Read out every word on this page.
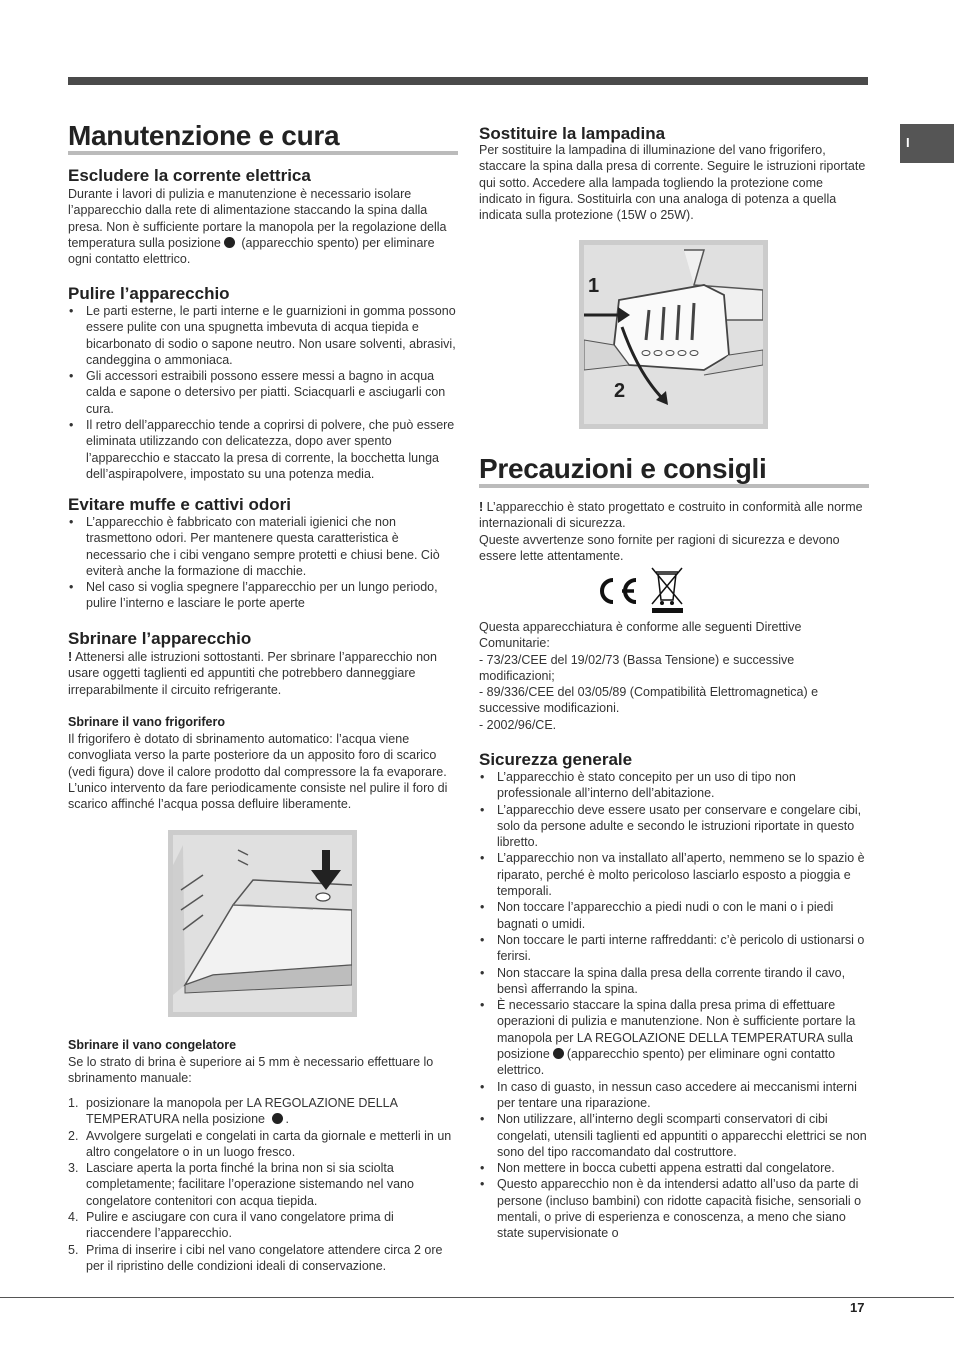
I
Manutenzione e cura
Escludere la corrente elettrica

Durante i lavori di pulizia e manutenzione è necessario isolare l’apparecchio dalla rete di alimentazione staccando la spina dalla presa. Non è sufficiente portare la manopola per la regolazione della temperatura sulla posizione (apparecchio spento) per eliminare ogni contatto elettrico.

Pulire l’apparecchio
• Le parti esterne, le parti interne e le guarnizioni in gomma possono essere pulite con una spugnetta imbevuta di acqua tiepida e bicarbonato di sodio o sapone neutro. Non usare solventi, abrasivi, candeggina o ammoniaca.
• Gli accessori estraibili possono essere messi a bagno in acqua calda e sapone o detersivo per piatti. Sciacquarli e asciugarli con cura.
• Il retro dell’apparecchio tende a coprirsi di polvere, che può essere eliminata utilizzando con delicatezza, dopo aver spento l’apparecchio e staccato la presa di corrente, la bocchetta lunga dell’aspirapolvere, impostato su una potenza media.
Evitare muffe e cattivi odori
• L’apparecchio è fabbricato con materiali igienici che non trasmettono odori. Per mantenere questa caratteristica è necessario che i cibi vengano sempre protetti e chiusi bene. Ciò eviterà anche la formazione di macchie.
• Nel caso si voglia spegnere l’apparecchio per un lungo periodo, pulire l’interno e lasciare le porte aperte
Sbrinare l’apparecchio

! Attenersi alle istruzioni sottostanti. Per sbrinare l’apparecchio non usare oggetti taglienti ed appuntiti che potrebbero danneggiare irreparabilmente il circuito refrigerante.

Sbrinare il vano frigorifero

Il frigorifero è dotato di sbrinamento automatico: l’acqua viene convogliata verso la parte posteriore da un apposito foro di scarico (vedi figura) dove il calore prodotto dal compressore la fa evaporare. L’unico intervento da fare periodicamente consiste nel pulire il foro di scarico affinché l’acqua possa defluire liberamente.

Sbrinare il vano congelatore

Se lo strato di brina è superiore ai 5 mm è necessario effettuare lo sbrinamento manuale:

1. posizionare la manopola per LA REGOLAZIONE DELLA TEMPERATURA nella posizione .
2. Avvolgere surgelati e congelati in carta da giornale e metterli in un altro congelatore o in un luogo fresco.
3. Lasciare aperta la porta finché la brina non si sia sciolta completamente; facilitare l’operazione sistemando nel vano congelatore contenitori con acqua tiepida.
4. Pulire e asciugare con cura il vano congelatore prima di riaccendere l’apparecchio.
5. Prima di inserire i cibi nel vano congelatore attendere circa 2 ore per il ripristino delle condizioni ideali di conservazione.
Sostituire la lampadina

Per sostituire la lampadina di illuminazione del vano frigorifero, staccare la spina dalla presa di corrente. Seguire le istruzioni riportate qui sotto. Accedere alla lampada togliendo la protezione come indicato in figura. Sostituirla con una analoga di potenza a quella indicata sulla protezione (15W o 25W).

1
2
Precauzioni e consigli

! L’apparecchio è stato progettato e costruito in conformità alle norme internazionali di sicurezza.

Queste avvertenze sono fornite per ragioni di sicurezza e devono essere lette attentamente.

Questa apparecchiatura è conforme alle seguenti Direttive Comunitarie:

- 73/23/CEE del 19/02/73 (Bassa Tensione) e successive modificazioni;

- 89/336/CEE del 03/05/89 (Compatibilità Elettromagnetica) e successive modificazioni.

- 2002/96/CE.

Sicurezza generale
• L’apparecchio è stato concepito per un uso di tipo non professionale all’interno dell’abitazione.
• L’apparecchio deve essere usato per conservare e congelare cibi, solo da persone adulte e secondo le istruzioni riportate in questo libretto.
• L’apparecchio non va installato all’aperto, nemmeno se lo spazio è riparato, perché è molto pericoloso lasciarlo esposto a pioggia e temporali.
• Non toccare l’apparecchio a piedi nudi o con le mani o i piedi bagnati o umidi.
• Non toccare le parti interne raffreddanti: c’è pericolo di ustionarsi o ferirsi.
• Non staccare la spina dalla presa della corrente tirando il cavo, bensì afferrando la spina.
• È necessario staccare la spina dalla presa prima di effettuare operazioni di pulizia e manutenzione. Non è sufficiente portare la manopola per LA REGOLAZIONE DELLA TEMPERATURA sulla posizione (apparecchio spento) per eliminare ogni contatto elettrico.
• In caso di guasto, in nessun caso accedere ai meccanismi interni per tentare una riparazione.
• Non utilizzare, all’interno degli scomparti conservatori di cibi congelati, utensili taglienti ed appuntiti o apparecchi elettrici se non sono del tipo raccomandato dal costruttore.
• Non mettere in bocca cubetti appena estratti dal congelatore.
• Questo apparecchio non è da intendersi adatto all’uso da parte di persone (incluso bambini) con ridotte capacità fisiche, sensoriali o mentali, o prive di esperienza e conoscenza, a meno che siano state supervisionate o
17
